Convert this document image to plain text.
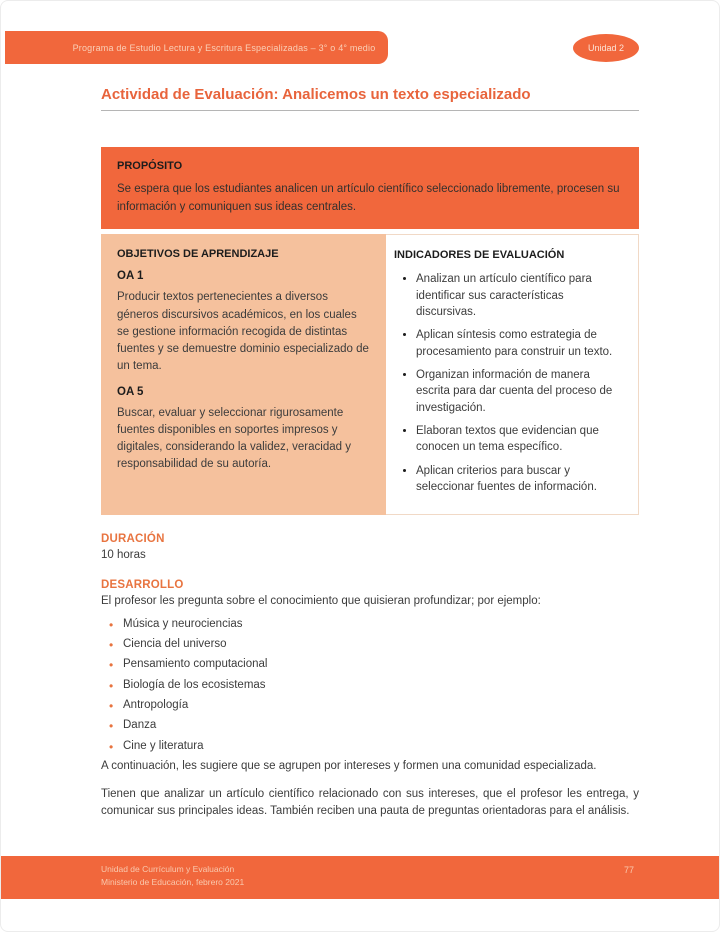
Programa de Estudio Lectura y Escritura Especializadas – 3° o 4° medio	Unidad 2
Actividad de Evaluación: Analicemos un texto especializado
PROPÓSITO

Se espera que los estudiantes analicen un artículo científico seleccionado libremente, procesen su información y comuniquen sus ideas centrales.

OBJETIVOS DE APRENDIZAJE
OA 1

Producir textos pertenecientes a diversos géneros discursivos académicos, en los cuales se gestione información recogida de distintas fuentes y se demuestre dominio especializado de un tema.

OA 5

Buscar, evaluar y seleccionar rigurosamente fuentes disponibles en soportes impresos y digitales, considerando la validez, veracidad y responsabilidad de su autoría.

INDICADORES DE EVALUACIÓN
• Analizan un artículo científico para identificar sus características discursivas.
• Aplican síntesis como estrategia de procesamiento para construir un texto.
• Organizan información de manera escrita para dar cuenta del proceso de investigación.
• Elaboran textos que evidencian que conocen un tema específico.
• Aplican criterios para buscar y seleccionar fuentes de información.
DURACIÓN

10 horas

DESARROLLO

El profesor les pregunta sobre el conocimiento que quisieran profundizar; por ejemplo:

• Música y neurociencias
• Ciencia del universo
• Pensamiento computacional
• Biología de los ecosistemas
• Antropología
• Danza
• Cine y literatura

A continuación, les sugiere que se agrupen por intereses y formen una comunidad especializada.

Tienen que analizar un artículo científico relacionado con sus intereses, que el profesor les entrega, y comunicar sus principales ideas. También reciben una pauta de preguntas orientadoras para el análisis.

Unidad de Currículum y Evaluación
Ministerio de Educación, febrero 2021
77
